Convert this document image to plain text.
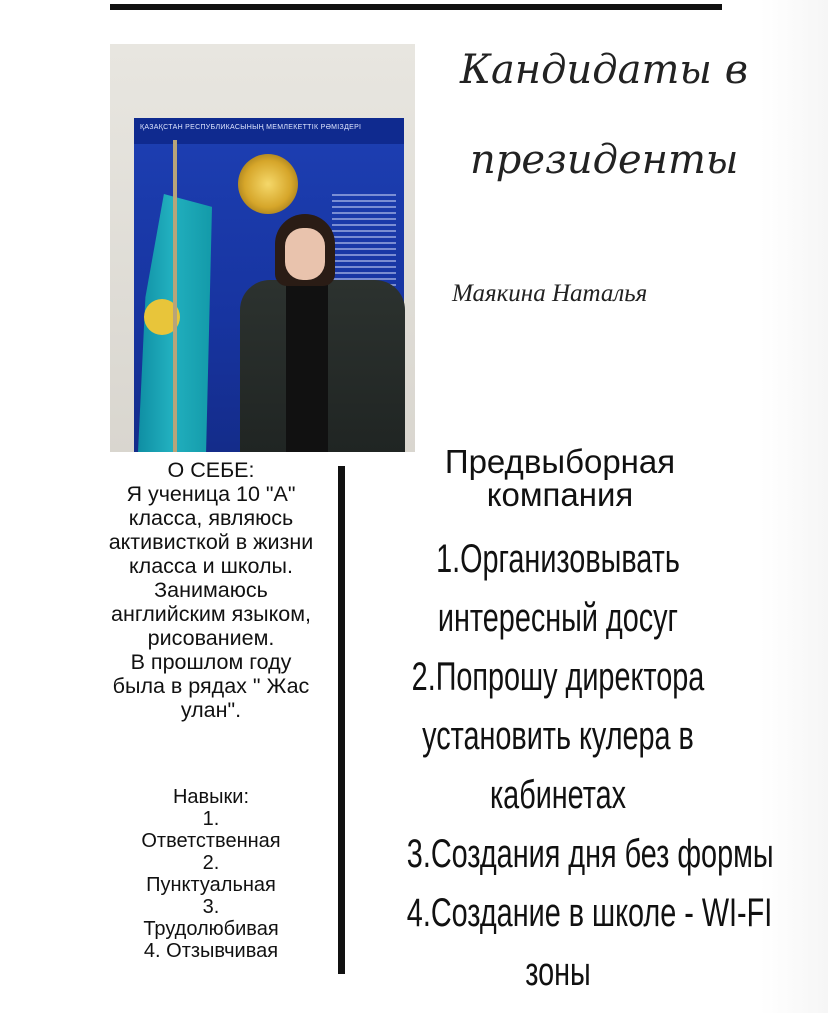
ҚАЗАҚСТАН РЕСПУБЛИКАСЫНЫҢ МЕМЛЕКЕТТІК РӘМІЗДЕРІ
Кандидаты в
президенты
Маякина Наталья
О СЕБЕ:
Я ученица 10 "А"
класса, являюсь
активисткой в жизни
класса и школы.
Занимаюсь
английским языком,
рисованием.
В прошлом году
была в рядах " Жас
улан".
Навыки:
1.
Ответственная
2.
Пунктуальная
3.
Трудолюбивая
4. Отзывчивая
Предвыборная
компания
1.Организовывать
интересный досуг
2.Попрошу директора
установить кулера в
кабинетах
3.Создания дня без формы
4.Создание в школе - WI-FI
зоны
